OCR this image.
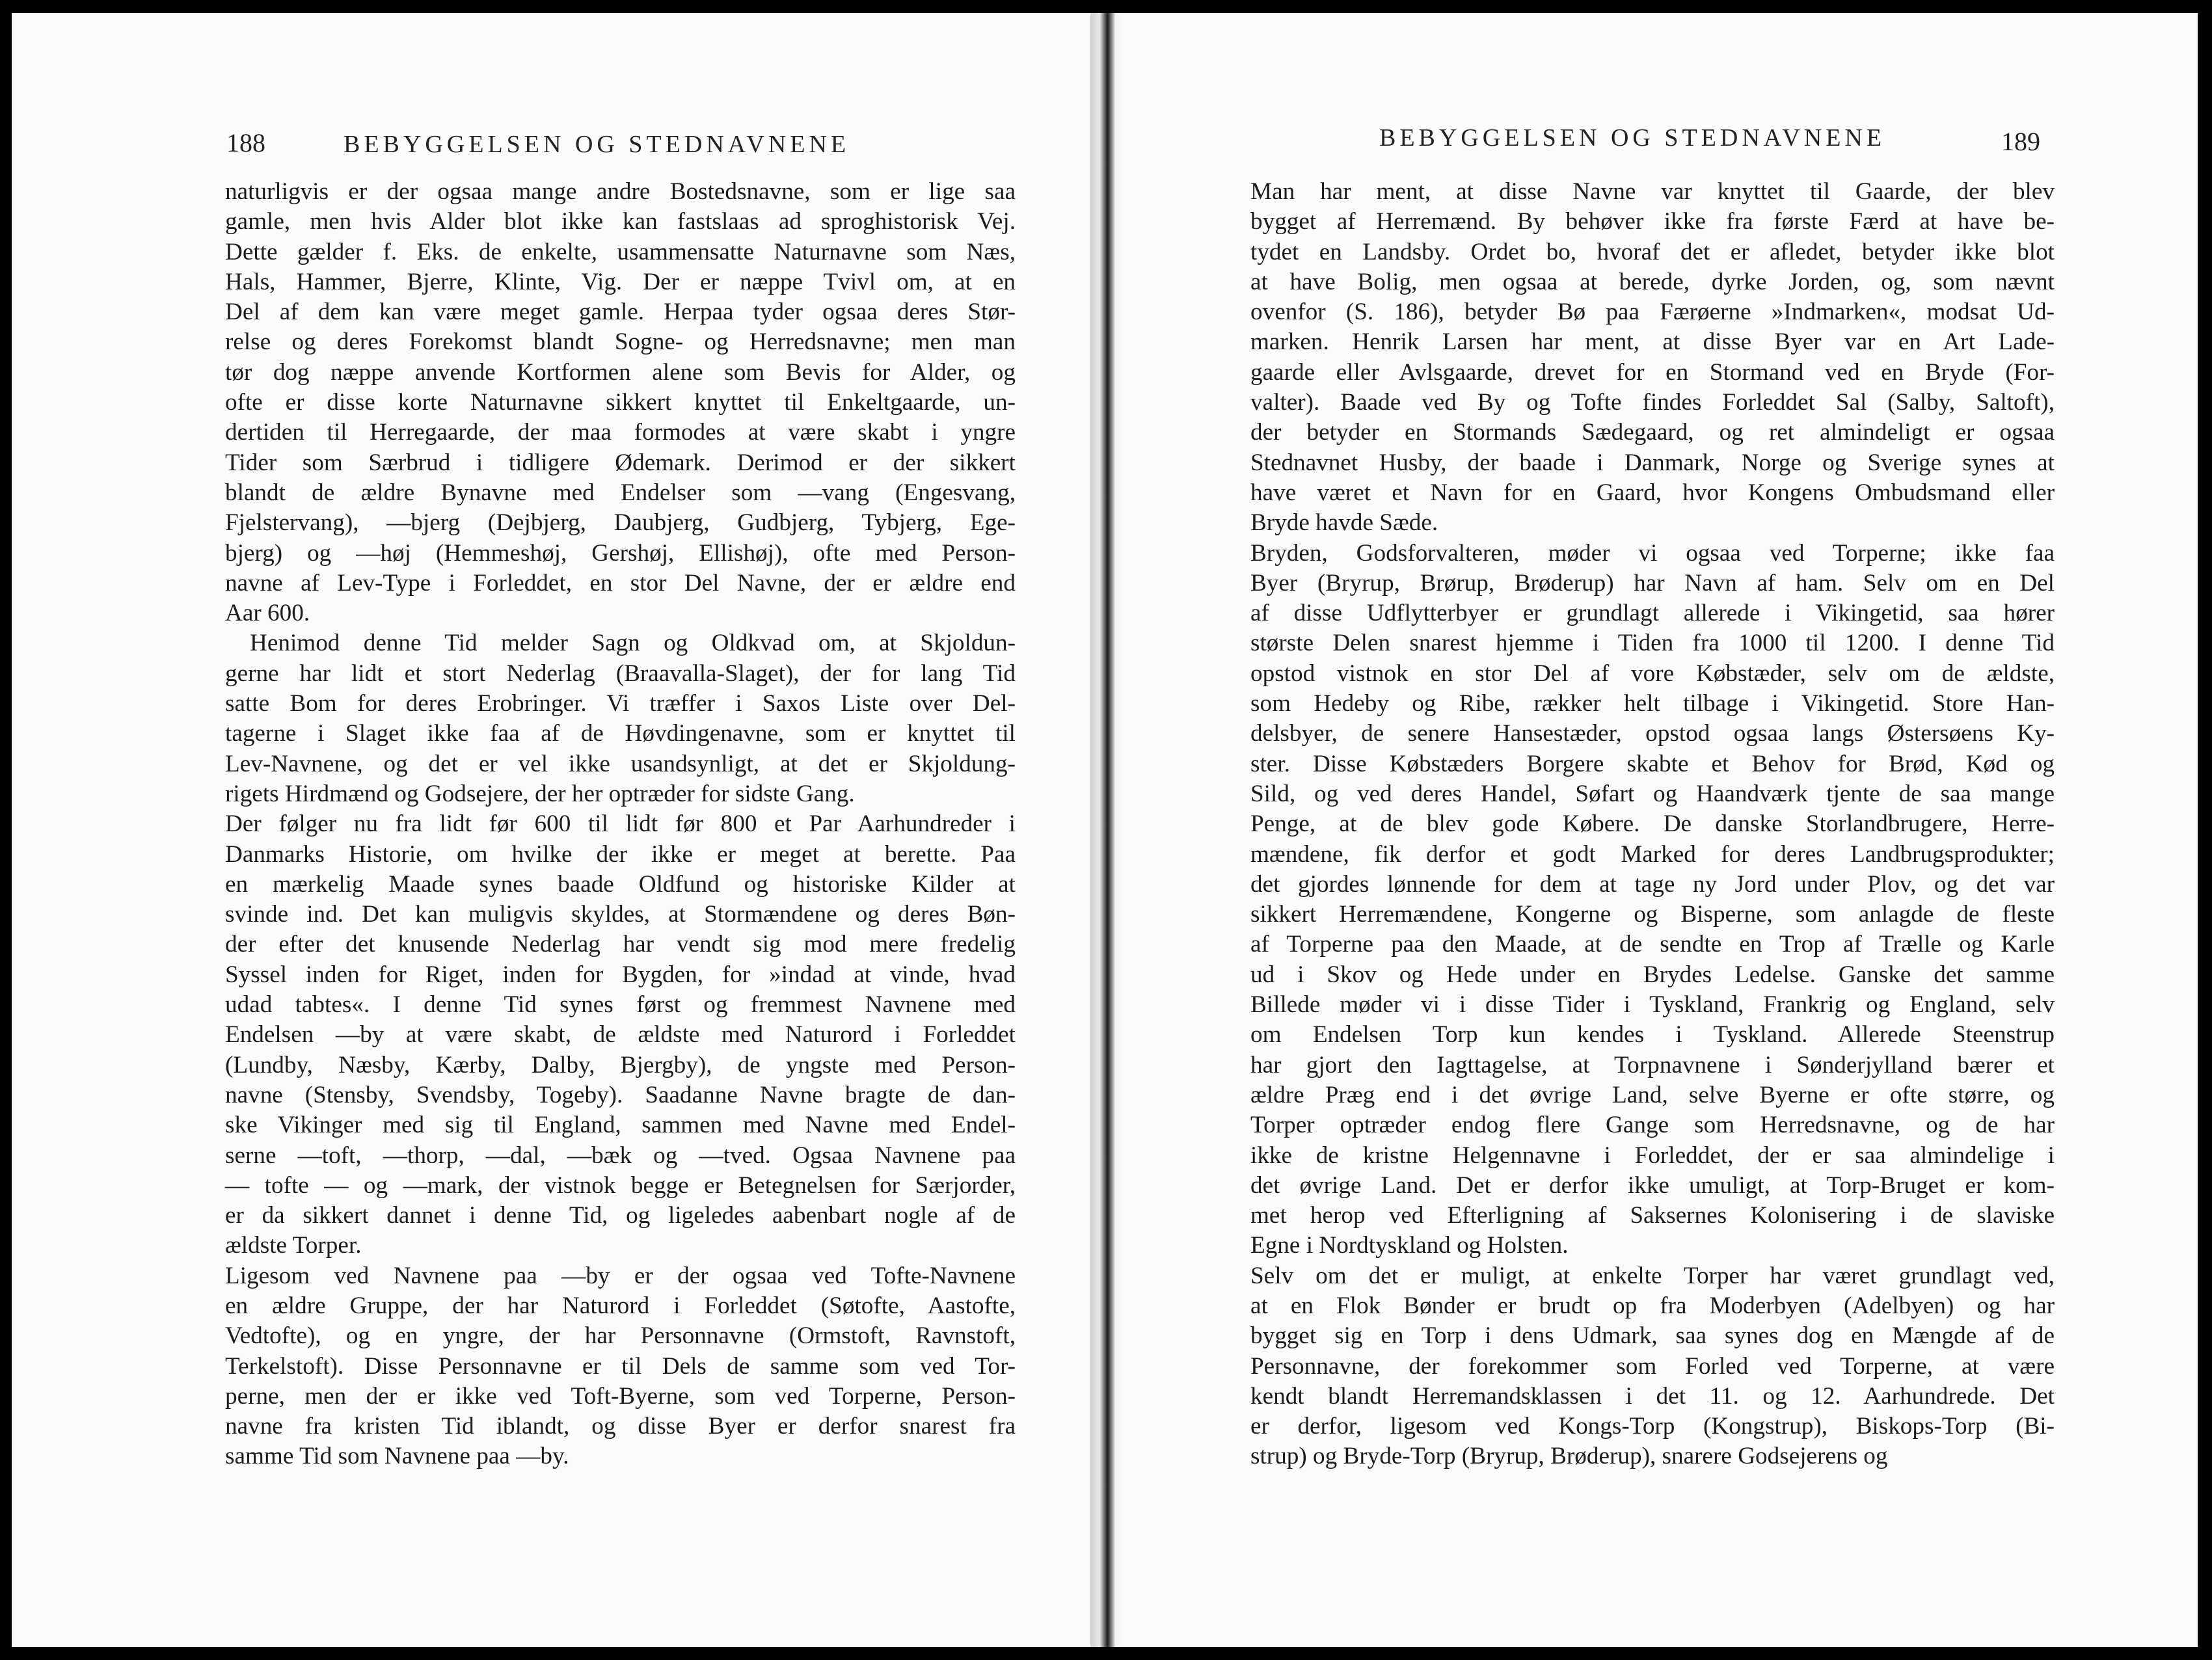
188	BEBYGGELSEN OG STEDNAVNENE
naturligvis er der ogsaa mange andre Bostedsnavne, som er lige saa
gamle, men hvis Alder blot ikke kan fastslaas ad sproghistorisk Vej.
Dette gælder f. Eks. de enkelte, usammensatte Naturnavne som Næs,
Hals, Hammer, Bjerre, Klinte, Vig. Der er næppe Tvivl om, at en
Del af dem kan være meget gamle. Herpaa tyder ogsaa deres Stør-
relse og deres Forekomst blandt Sogne- og Herredsnavne; men man
tør dog næppe anvende Kortformen alene som Bevis for Alder, og
ofte er disse korte Naturnavne sikkert knyttet til Enkeltgaarde, un-
dertiden til Herregaarde, der maa formodes at være skabt i yngre
Tider som Særbrud i tidligere Ødemark. Derimod er der sikkert
blandt de ældre Bynavne med Endelser som —vang (Engesvang,
Fjelstervang), —bjerg (Dejbjerg, Daubjerg, Gudbjerg, Tybjerg, Ege-
bjerg) og —høj (Hemmeshøj, Gershøj, Ellishøj), ofte med Person-
navne af Lev-Type i Forleddet, en stor Del Navne, der er ældre end
Aar 600.
Henimod denne Tid melder Sagn og Oldkvad om, at Skjoldun-
gerne har lidt et stort Nederlag (Braavalla-Slaget), der for lang Tid
satte Bom for deres Erobringer. Vi træffer i Saxos Liste over Del-
tagerne i Slaget ikke faa af de Høvdingenavne, som er knyttet til
Lev-Navnene, og det er vel ikke usandsynligt, at det er Skjoldung-
rigets Hirdmænd og Godsejere, der her optræder for sidste Gang.
Der følger nu fra lidt før 600 til lidt før 800 et Par Aarhundreder i
Danmarks Historie, om hvilke der ikke er meget at berette. Paa
en mærkelig Maade synes baade Oldfund og historiske Kilder at
svinde ind. Det kan muligvis skyldes, at Stormændene og deres Bøn-
der efter det knusende Nederlag har vendt sig mod mere fredelig
Syssel inden for Riget, inden for Bygden, for »indad at vinde, hvad
udad tabtes«. I denne Tid synes først og fremmest Navnene med
Endelsen —by at være skabt, de ældste med Naturord i Forleddet
(Lundby, Næsby, Kærby, Dalby, Bjergby), de yngste med Person-
navne (Stensby, Svendsby, Togeby). Saadanne Navne bragte de dan-
ske Vikinger med sig til England, sammen med Navne med Endel-
serne —toft, —thorp, —dal, —bæk og —tved. Ogsaa Navnene paa
— tofte — og —mark, der vistnok begge er Betegnelsen for Særjorder,
er da sikkert dannet i denne Tid, og ligeledes aabenbart nogle af de
ældste Torper.
Ligesom ved Navnene paa —by er der ogsaa ved Tofte-Navnene
en ældre Gruppe, der har Naturord i Forleddet (Søtofte, Aastofte,
Vedtofte), og en yngre, der har Personnavne (Ormstoft, Ravnstoft,
Terkelstoft). Disse Personnavne er til Dels de samme som ved Tor-
perne, men der er ikke ved Toft-Byerne, som ved Torperne, Person-
navne fra kristen Tid iblandt, og disse Byer er derfor snarest fra
samme Tid som Navnene paa —by.
BEBYGGELSEN OG STEDNAVNENE	189
Man har ment, at disse Navne var knyttet til Gaarde, der blev
bygget af Herremænd. By behøver ikke fra første Færd at have be-
tydet en Landsby. Ordet bo, hvoraf det er afledet, betyder ikke blot
at have Bolig, men ogsaa at berede, dyrke Jorden, og, som nævnt
ovenfor (S. 186), betyder Bø paa Færøerne »Indmarken«, modsat Ud-
marken. Henrik Larsen har ment, at disse Byer var en Art Lade-
gaarde eller Avlsgaarde, drevet for en Stormand ved en Bryde (For-
valter). Baade ved By og Tofte findes Forleddet Sal (Salby, Saltoft),
der betyder en Stormands Sædegaard, og ret almindeligt er ogsaa
Stednavnet Husby, der baade i Danmark, Norge og Sverige synes at
have været et Navn for en Gaard, hvor Kongens Ombudsmand eller
Bryde havde Sæde.
Bryden, Godsforvalteren, møder vi ogsaa ved Torperne; ikke faa
Byer (Bryrup, Brørup, Brøderup) har Navn af ham. Selv om en Del
af disse Udflytterbyer er grundlagt allerede i Vikingetid, saa hører
største Delen snarest hjemme i Tiden fra 1000 til 1200. I denne Tid
opstod vistnok en stor Del af vore Købstæder, selv om de ældste,
som Hedeby og Ribe, rækker helt tilbage i Vikingetid. Store Han-
delsbyer, de senere Hansestæder, opstod ogsaa langs Østersøens Ky-
ster. Disse Købstæders Borgere skabte et Behov for Brød, Kød og
Sild, og ved deres Handel, Søfart og Haandværk tjente de saa mange
Penge, at de blev gode Købere. De danske Storlandbrugere, Herre-
mændene, fik derfor et godt Marked for deres Landbrugsprodukter;
det gjordes lønnende for dem at tage ny Jord under Plov, og det var
sikkert Herremændene, Kongerne og Bisperne, som anlagde de fleste
af Torperne paa den Maade, at de sendte en Trop af Trælle og Karle
ud i Skov og Hede under en Brydes Ledelse. Ganske det samme
Billede møder vi i disse Tider i Tyskland, Frankrig og England, selv
om Endelsen Torp kun kendes i Tyskland. Allerede Steenstrup
har gjort den Iagttagelse, at Torpnavnene i Sønderjylland bærer et
ældre Præg end i det øvrige Land, selve Byerne er ofte større, og
Torper optræder endog flere Gange som Herredsnavne, og de har
ikke de kristne Helgennavne i Forleddet, der er saa almindelige i
det øvrige Land. Det er derfor ikke umuligt, at Torp-Bruget er kom-
met herop ved Efterligning af Saksernes Kolonisering i de slaviske
Egne i Nordtyskland og Holsten.
Selv om det er muligt, at enkelte Torper har været grundlagt ved,
at en Flok Bønder er brudt op fra Moderbyen (Adelbyen) og har
bygget sig en Torp i dens Udmark, saa synes dog en Mængde af de
Personnavne, der forekommer som Forled ved Torperne, at være
kendt blandt Herremandsklassen i det 11. og 12. Aarhundrede. Det
er derfor, ligesom ved Kongs-Torp (Kongstrup), Biskops-Torp (Bi-
strup) og Bryde-Torp (Bryrup, Brøderup), snarere Godsejerens og
